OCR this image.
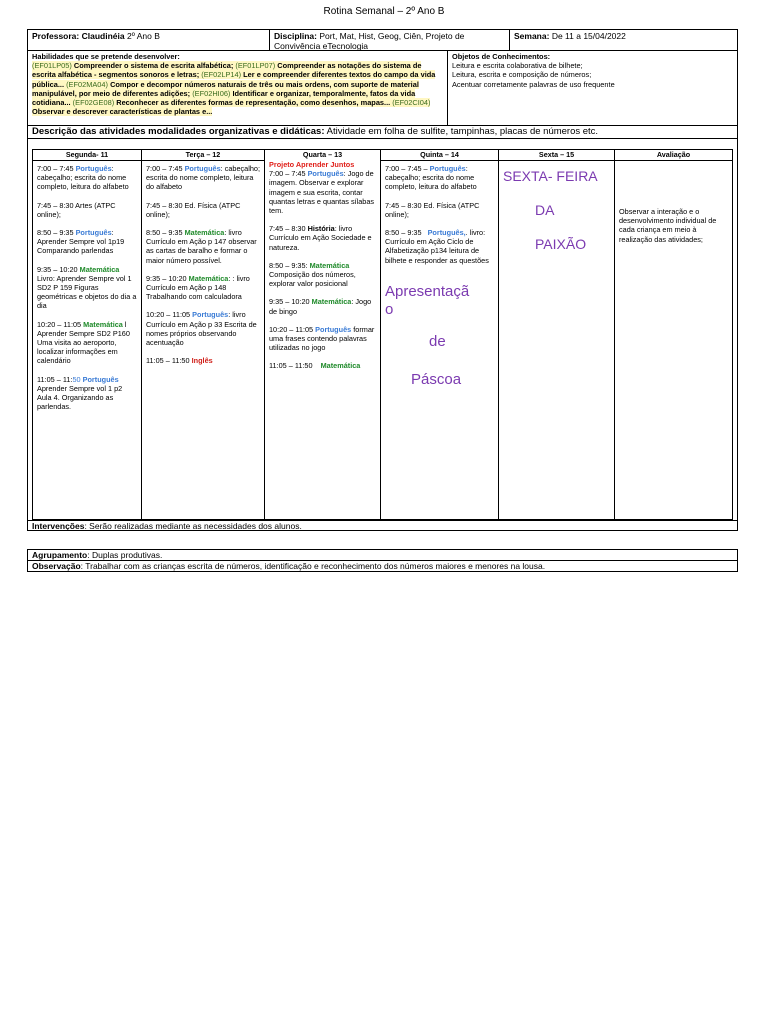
Rotina Semanal – 2º Ano B
Professora: Claudinéia 2º Ano B	Disciplina: Port, Mat, Hist, Geog, Ciên, Projeto de Convivência eTecnologia
Semana: De 11 a 15/04/2022
Habilidades que se pretende desenvolver:
(EF01LP05) Compreender o sistema de escrita alfabética; (EF01LP07) Compreender as notações do sistema de escrita alfabética - segmentos sonoros e letras; (EF02LP14) Ler e compreender diferentes textos do campo da vida pública... (EF02MA04) Compor e decompor números naturais de três ou mais ordens, com suporte de material manipulável, por meio de diferentes adições; (EF02HI06) Identificar e organizar, temporalmente, fatos da vida cotidiana... (EF02GE08) Reconhecer as diferentes formas de representação, como desenhos, mapas... (EF02CI04) Observar e descrever características de plantas e...
Objetos de Conhecimentos:
Leitura e escrita colaborativa de bilhete;
Leitura, escrita e composição de números;
Acentuar corretamente palavras de uso frequente
Descrição das atividades modalidades organizativas e didáticas: Atividade em folha de sulfite, tampinhas, placas de números etc.
Segunda- 11
7:00 – 7:45 Português: cabeçalho; escrita do nome completo, leitura do alfabeto
7:45 – 8:30 Artes (ATPC online);
8:50 – 9:35 Português: Aprender Sempre vol 1p19 Comparando parlendas
9:35 – 10:20 Matemática Livro: Aprender Sempre vol 1 SD2 P 159 Figuras geométricas e objetos do dia a dia
10:20 – 11:05 Matemática l Aprender Sempre SD2 P160 Uma visita ao aeroporto, localizar informações em calendário
11:05 – 11:50 Português Aprender Sempre vol 1 p2 Aula 4. Organizando as parlendas.
Terça – 12
7:00 – 7:45 Português: cabeçalho; escrita do nome completo, leitura do alfabeto
7:45 – 8:30 Ed. Física (ATPC online);
8:50 – 9:35 Matemática: livro Currículo em Ação p 147 observar as cartas de baralho e formar o maior número possível.
9:35 – 10:20 Matemática: : livro Currículo em Ação p 148 Trabalhando com calculadora
10:20 – 11:05 Português: livro Currículo em Ação p 33 Escrita de nomes próprios observando acentuação
11:05 – 11:50 Inglês
Quarta – 13
Projeto Aprender Juntos
7:00 – 7:45 Português: Jogo de imagem. Observar e explorar imagem e sua escrita, contar quantas letras e quantas sílabas tem.
7:45 – 8:30 História: livro Currículo em Ação Sociedade e natureza.
8:50 – 9:35: Matemática Composição dos números, explorar valor posicional
9:35 – 10:20 Matemática: Jogo de bingo
10:20 – 11:05 Português formar uma frases contendo palavras utilizadas no jogo
11:05 – 11:50 Matemática
Quinta – 14
7:00 – 7:45 – Português: cabeçalho; escrita do nome completo, leitura do alfabeto
7:45 – 8:30 Ed. Física (ATPC online);
8:50 – 9:35 Português,. livro: Currículo em Ação Ciclo de Alfabetização p134 leitura de bilhete e responder as questões
Apresentaçã
o
de
Páscoa
Sexta – 15
SEXTA- FEIRA
DA
PAIXÃO
Avaliação
Observar a interação e o desenvolvimento individual de cada criança em meio à realização das atividades;
Intervenções: Serão realizadas mediante as necessidades dos alunos.
Agrupamento: Duplas produtivas.
Observação: Trabalhar com as crianças escrita de números, identificação e reconhecimento dos números maiores e menores na lousa.
